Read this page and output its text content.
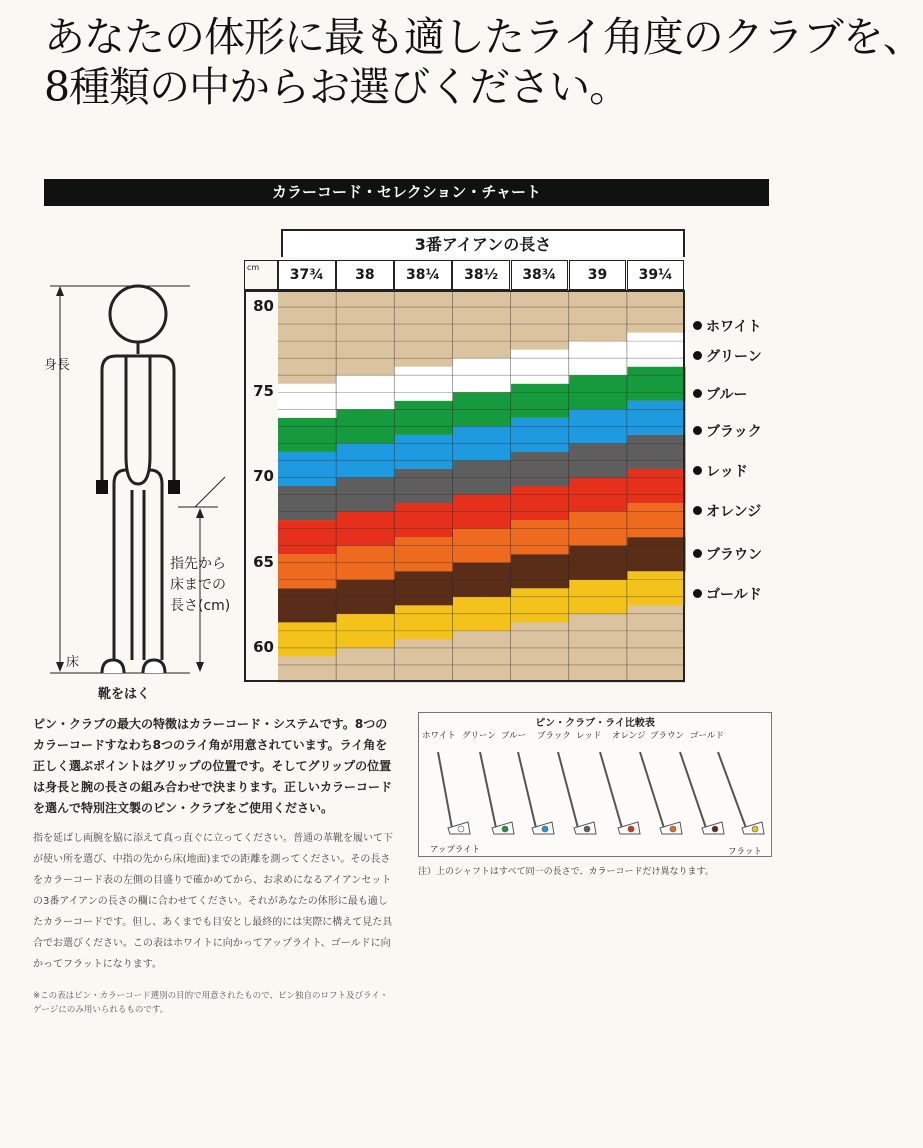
あなたの体形に最も適したライ角度のクラブを、
8種類の中からお選びください。
カラーコード・セレクション・チャート
身長
床
靴をはく
指先から
床までの
長さ(cm)
3番アイアンの長さ
cm	37¾	38	38¼	38½	38¾	39	39¼
80
75
70
65
60
ホワイト
グリーン
ブルー
ブラック
レッド
オレンジ
ブラウン
ゴールド
ピン・クラブの最大の特徴はカラーコード・システムです。8つのカラーコードすなわち8つのライ角が用意されています。ライ角を正しく選ぶポイントはグリップの位置です。そしてグリップの位置は身長と腕の長さの組み合わせで決まります。正しいカラーコードを選んで特別注文製のピン・クラブをご使用ください。
指を延ばし両腕を脇に添えて真っ直ぐに立ってください。普通の革靴を履いて下が使い所を選び、中指の先から床(地面)までの距離を測ってください。その長さをカラーコード表の左側の目盛りで確かめてから、お求めになるアイアンセットの3番アイアンの長さの欄に合わせてください。それがあなたの体形に最も適したカラーコードです。但し、あくまでも目安とし最終的には実際に構えて見た具合でお選びください。この表はホワイトに向かってアップライト、ゴールドに向かってフラットになります。
※この表はピン・カラーコード選別の目的で用意されたもので、ピン独自のロフト及びライ・ゲージにのみ用いられるものです。
ピン・クラブ・ライ比較表
ホワイト グリーン ブルー ブラック レッド オレンジ ブラウン ゴールド
アップライト	フラット
注）上のシャフトはすべて同一の長さで、カラーコードだけ異なります。
